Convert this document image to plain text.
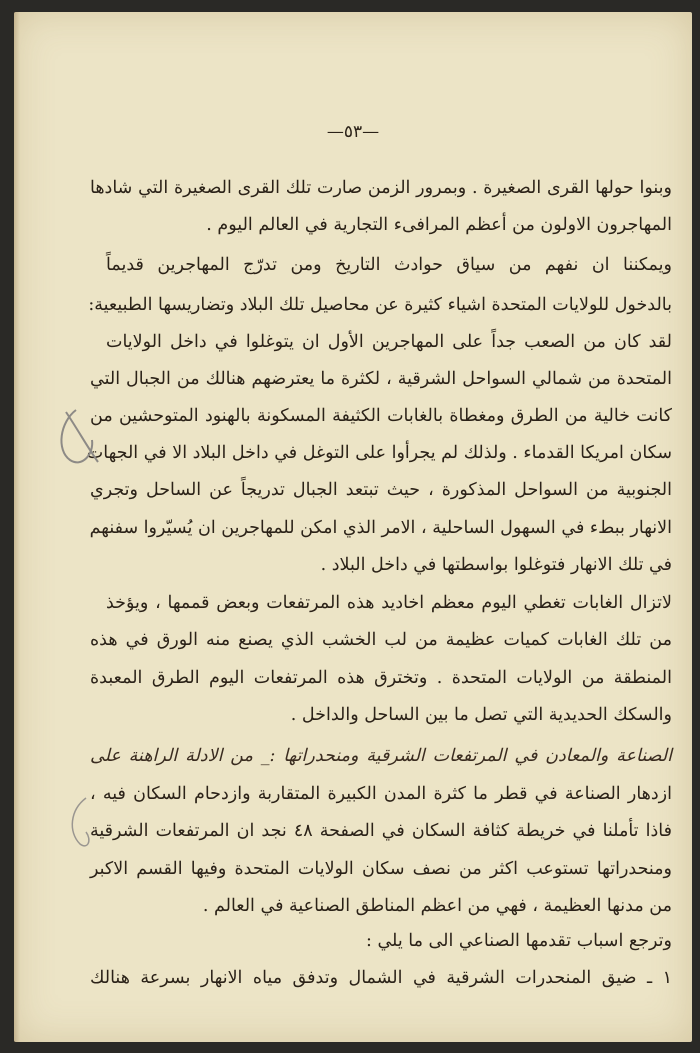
—٥٣—
وبنوا حولها القرى الصغيرة . وبمرور الزمن صارت تلك القرى الصغيرة التي شادها
المهاجرون الاولون من أعظم المرافىء التجارية في العالم اليوم .
ويمكننا ان نفهم من سياق حوادث التاريخ ومن تدرّج المهاجرين قديماً
بالدخول للولايات المتحدة اشياء كثيرة عن محاصيل تلك البلاد وتضاريسها الطبيعية:
لقد كان من الصعب جداً على المهاجرين الأول ان يتوغلوا في داخل الولايات
المتحدة من شمالي السواحل الشرقية ، لكثرة ما يعترضهم هنالك من الجبال التي
كانت خالية من الطرق ومغطاة بالغابات الكثيفة المسكونة بالهنود المتوحشين من
سكان امريكا القدماء . ولذلك لم يجرأوا على التوغل في داخل البلاد الا في الجهات
الجنوبية من السواحل المذكورة ، حيث تبتعد الجبال تدريجاً عن الساحل وتجري
الانهار ببطء في السهول الساحلية ، الامر الذي امكن للمهاجرين ان يُسيّروا سفنهم
في تلك الانهار فتوغلوا بواسطتها في داخل البلاد .
لاتزال الغابات تغطي اليوم معظم اخاديد هذه المرتفعات وبعض قممها ، ويؤخذ
من تلك الغابات كميات عظيمة من لب الخشب الذي يصنع منه الورق في هذه
المنطقة من الولايات المتحدة . وتخترق هذه المرتفعات اليوم الطرق المعبدة
والسكك الحديدية التي تصل ما بين الساحل والداخل .
الصناعة والمعادن في المرتفعات الشرقية ومنحدراتها :_ من الادلة الراهنة على
ازدهار الصناعة في قطر ما كثرة المدن الكبيرة المتقاربة وازدحام السكان فيه ،
فاذا تأملنا في خريطة كثافة السكان في الصفحة ٤٨ نجد ان المرتفعات الشرقية
ومنحدراتها تستوعب اكثر من نصف سكان الولايات المتحدة وفيها القسم الاكبر
من مدنها العظيمة ، فهي من اعظم المناطق الصناعية في العالم .
وترجع اسباب تقدمها الصناعي الى ما يلي :
١ ـ ضيق المنحدرات الشرقية في الشمال وتدفق مياه الانهار بسرعة هنالك
